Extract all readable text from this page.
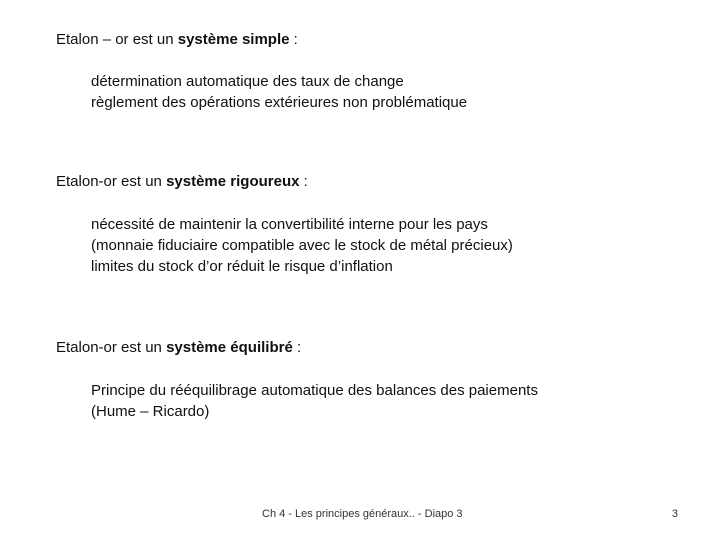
Etalon – or est un système simple :
détermination automatique des taux de change
règlement des opérations extérieures non problématique
Etalon-or est un système rigoureux :
nécessité de maintenir la convertibilité interne pour les pays
(monnaie fiduciaire compatible avec le stock de métal précieux)
limites du stock d’or réduit le risque d’inflation
Etalon-or est un système équilibré :
Principe du rééquilibrage automatique des balances des paiements
(Hume – Ricardo)
Ch 4 - Les principes généraux.. - Diapo 3	3
